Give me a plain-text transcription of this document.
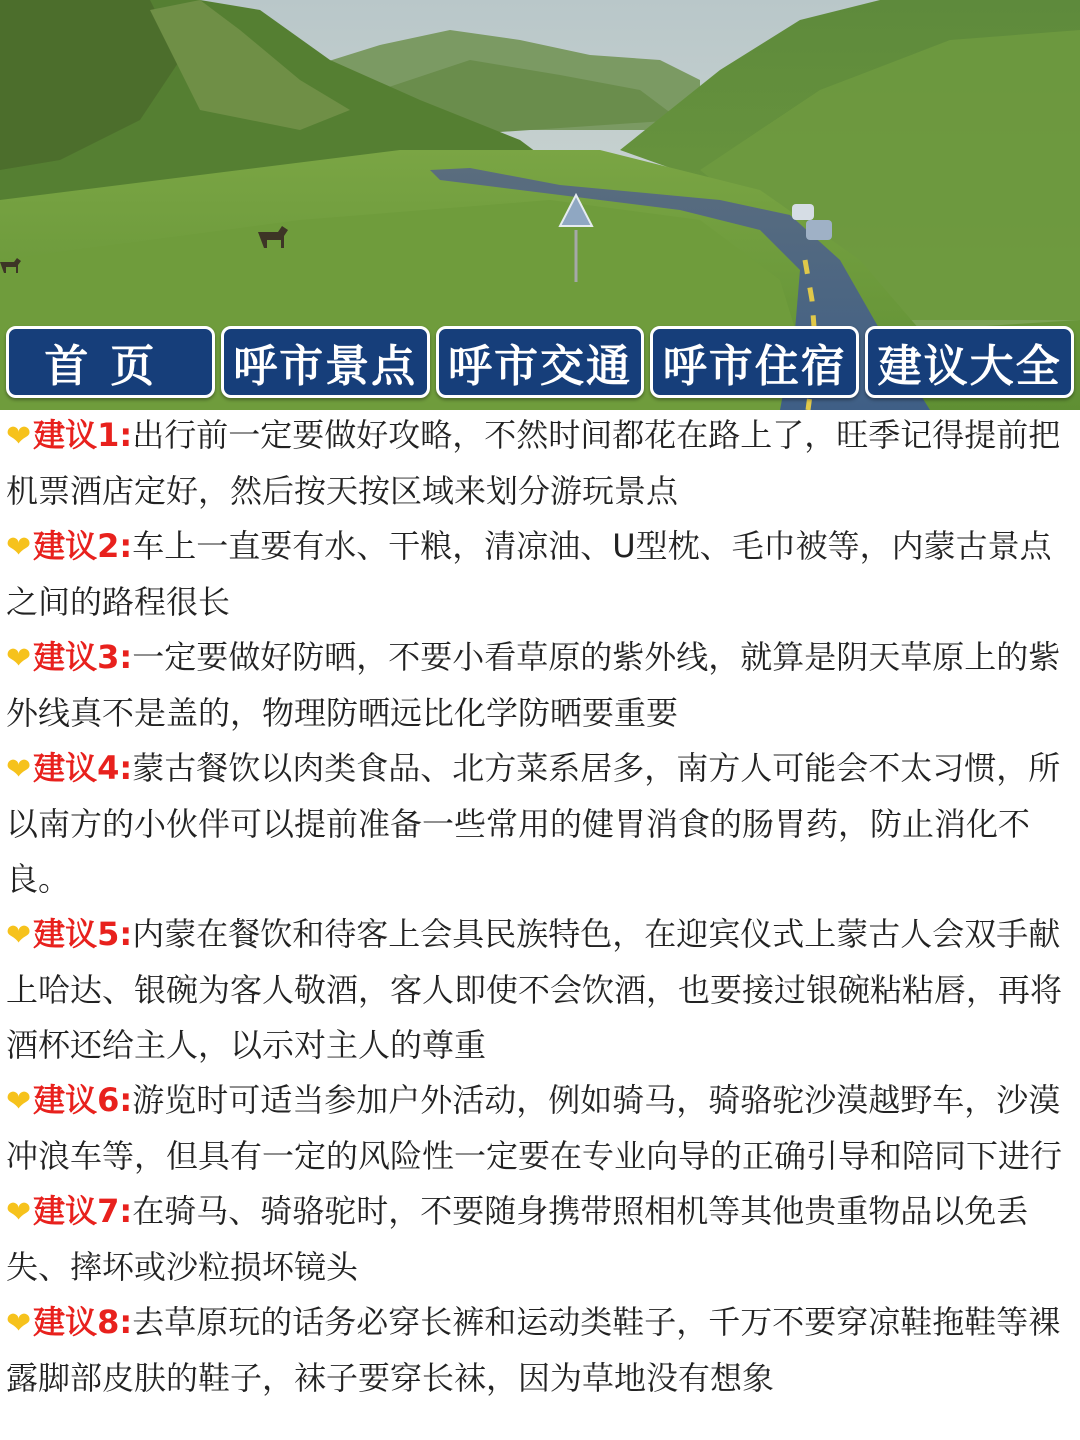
首页	呼市景点 呼市交通 呼市住宿 建议大全

❤建议1:出行前一定要做好攻略，不然时间都花在路上了，旺季记得提前把机票酒店定好，然后按天按区域来划分游玩景点

❤建议2:车上一直要有水、干粮，清凉油、U型枕、毛巾被等，内蒙古景点之间的路程很长

❤建议3:一定要做好防晒，不要小看草原的紫外线，就算是阴天草原上的紫外线真不是盖的，物理防晒远比化学防晒要重要

❤建议4:蒙古餐饮以肉类食品、北方菜系居多，南方人可能会不太习惯，所以南方的小伙伴可以提前准备一些常用的健胃消食的肠胃药，防止消化不良。

❤建议5:内蒙在餐饮和待客上会具民族特色，在迎宾仪式上蒙古人会双手献上哈达、银碗为客人敬酒，客人即使不会饮酒，也要接过银碗粘粘唇，再将酒杯还给主人，以示对主人的尊重

❤建议6:游览时可适当参加户外活动，例如骑马，骑骆驼沙漠越野车，沙漠冲浪车等，但具有一定的风险性一定要在专业向导的正确引导和陪同下进行

❤建议7:在骑马、骑骆驼时，不要随身携带照相机等其他贵重物品以免丢失、摔坏或沙粒损坏镜头

❤建议8:去草原玩的话务必穿长裤和运动类鞋子，千万不要穿凉鞋拖鞋等裸露脚部皮肤的鞋子，袜子要穿长袜，因为草地没有想象
